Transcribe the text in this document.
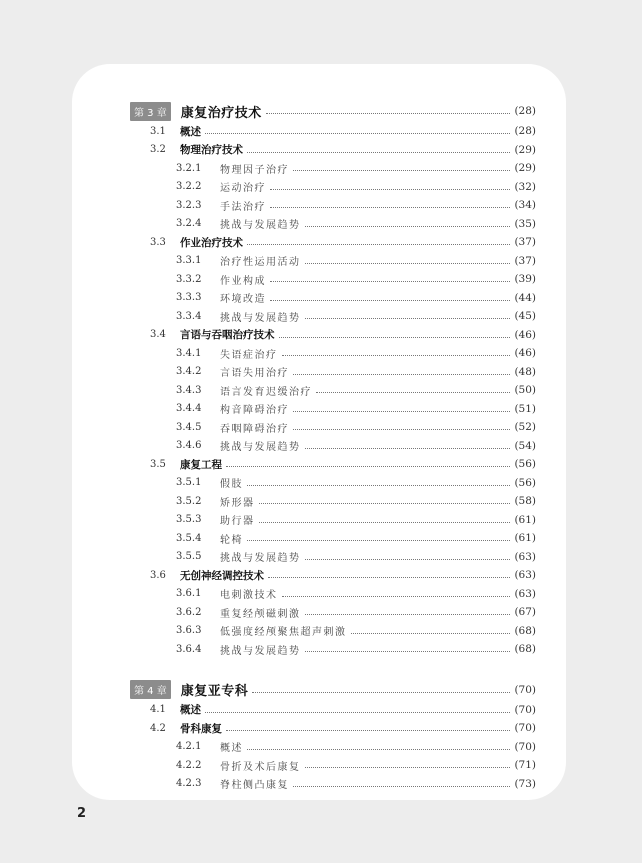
第 3 章	康复治疗技术	(28)
3.1	概述	(28)
3.2	物理治疗技术	(29)
3.2.1	物理因子治疗	(29)
3.2.2	运动治疗	(32)
3.2.3	手法治疗	(34)
3.2.4	挑战与发展趋势	(35)
3.3	作业治疗技术	(37)
3.3.1	治疗性运用活动	(37)
3.3.2	作业构成	(39)
3.3.3	环境改造	(44)
3.3.4	挑战与发展趋势	(45)
3.4	言语与吞咽治疗技术	(46)
3.4.1	失语症治疗	(46)
3.4.2	言语失用治疗	(48)
3.4.3	语言发育迟缓治疗	(50)
3.4.4	构音障碍治疗	(51)
3.4.5	吞咽障碍治疗	(52)
3.4.6	挑战与发展趋势	(54)
3.5	康复工程	(56)
3.5.1	假肢	(56)
3.5.2	矫形器	(58)
3.5.3	助行器	(61)
3.5.4	轮椅	(61)
3.5.5	挑战与发展趋势	(63)
3.6	无创神经调控技术	(63)
3.6.1	电刺激技术	(63)
3.6.2	重复经颅磁刺激	(67)
3.6.3	低强度经颅聚焦超声刺激	(68)
3.6.4	挑战与发展趋势	(68)
第 4 章	康复亚专科	(70)
4.1	概述	(70)
4.2	骨科康复	(70)
4.2.1	概述	(70)
4.2.2	骨折及术后康复	(71)
4.2.3	脊柱侧凸康复	(73)
2
